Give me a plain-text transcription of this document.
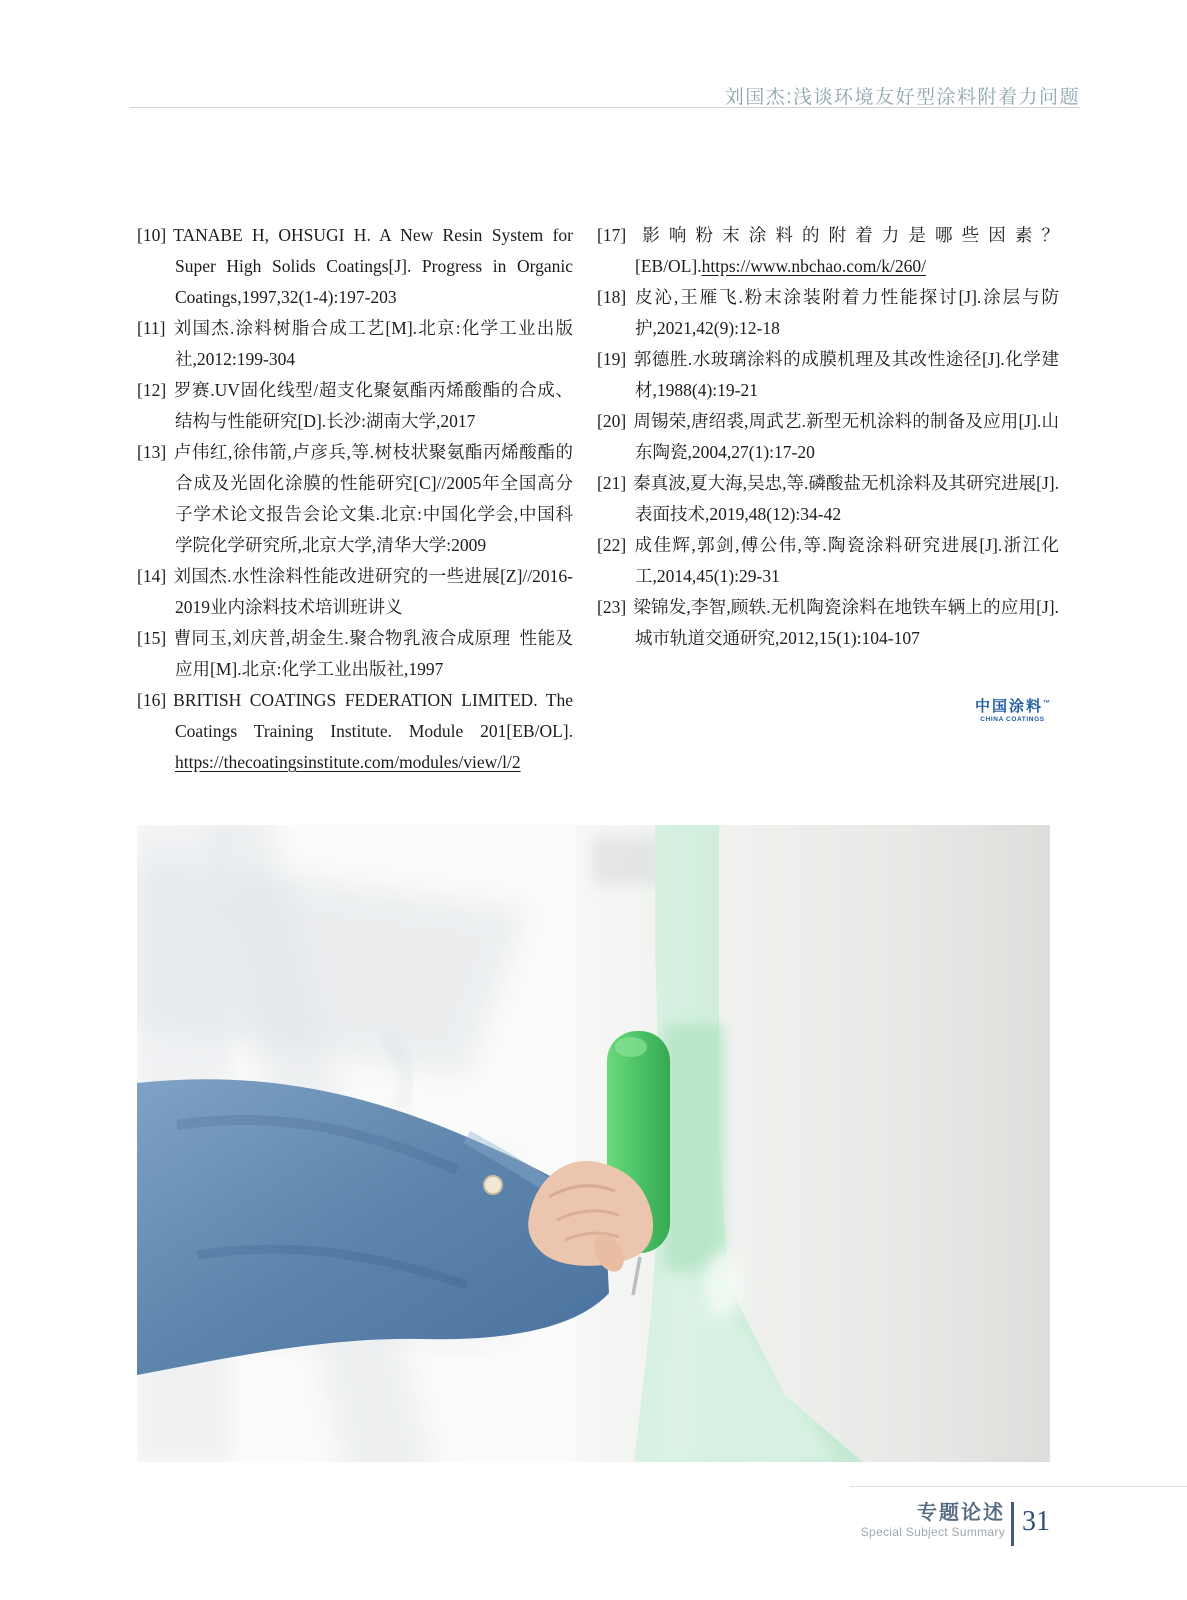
刘国杰:浅谈环境友好型涂料附着力问题
[10] TANABE H, OHSUGI H. A New Resin System for Super High Solids Coatings[J]. Progress in Organic Coatings,1997,32(1-4):197-203
[11] 刘国杰.涂料树脂合成工艺[M].北京:化学工业出版社,2012:199-304
[12] 罗赛.UV固化线型/超支化聚氨酯丙烯酸酯的合成、结构与性能研究[D].长沙:湖南大学,2017
[13] 卢伟红,徐伟箭,卢彦兵,等.树枝状聚氨酯丙烯酸酯的合成及光固化涂膜的性能研究[C]//2005年全国高分子学术论文报告会论文集.北京:中国化学会,中国科学院化学研究所,北京大学,清华大学:2009
[14] 刘国杰.水性涂料性能改进研究的一些进展[Z]//2016-2019业内涂料技术培训班讲义
[15] 曹同玉,刘庆普,胡金生.聚合物乳液合成原理 性能及应用[M].北京:化学工业出版社,1997
[16] BRITISH COATINGS FEDERATION LIMITED. The Coatings Training Institute. Module 201[EB/OL]. https://thecoatingsinstitute.com/modules/view/l/2
[17] 影响粉末涂料的附着力是哪些因素？[EB/OL].https://www.nbchao.com/k/260/
[18] 皮沁,王雁飞.粉末涂装附着力性能探讨[J].涂层与防护,2021,42(9):12-18
[19] 郭德胜.水玻璃涂料的成膜机理及其改性途径[J].化学建材,1988(4):19-21
[20] 周锡荣,唐绍裘,周武艺.新型无机涂料的制备及应用[J].山东陶瓷,2004,27(1):17-20
[21] 秦真波,夏大海,吴忠,等.磷酸盐无机涂料及其研究进展[J].表面技术,2019,48(12):34-42
[22] 成佳辉,郭剑,傅公伟,等.陶瓷涂料研究进展[J].浙江化工,2014,45(1):29-31
[23] 梁锦发,李智,顾轶.无机陶瓷涂料在地铁车辆上的应用[J].城市轨道交通研究,2012,15(1):104-107
中国涂料™
CHINA COATINGS
专题论述
Special Subject Summary 31
